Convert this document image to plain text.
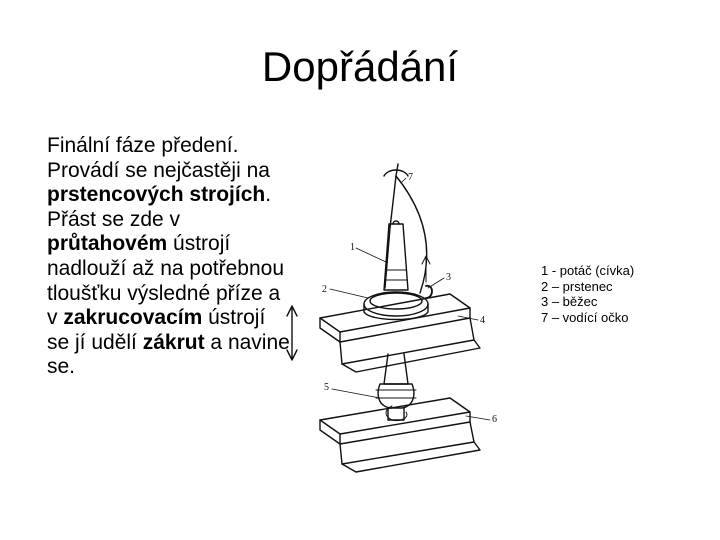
Dopřádání

Finální fáze předení. Provádí se nejčastěji na prstencových strojích. Přást se zde v průtahovém ústrojí nadlouží až na potřebnou tloušťku výsledné příze a v zakrucovacím ústrojí se jí udělí zákrut a navine se.

7
1
2
3
4
5
6
1 - potáč (cívka)
2 – prstenec
3 – běžec
7 – vodící očko
